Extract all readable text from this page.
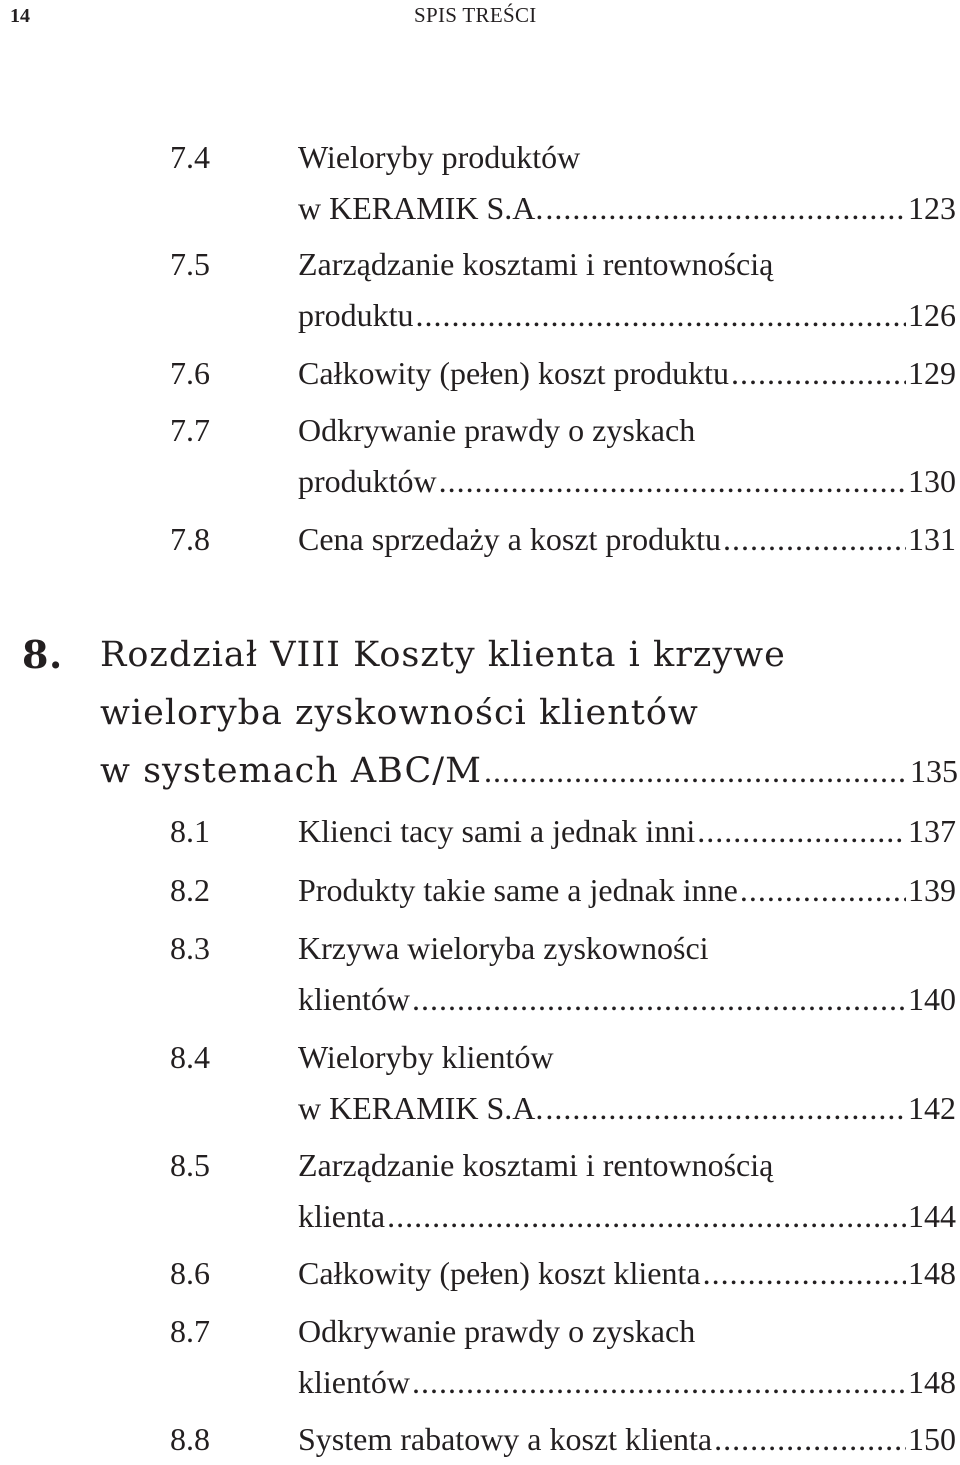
14	SPIS TREŚCI
7.4	Wieloryby produktów
w KERAMIK S.A. .....	123
7.5	Zarządzanie kosztami i rentownością
produktu .....	126
7.6	Całkowity (pełen) koszt produktu .....	129
7.7	Odkrywanie prawdy o zyskach
produktów .....	130
7.8	Cena sprzedaży a koszt produktu .....	131
8. Rozdział VIII Koszty klienta i krzywe
wieloryba zyskowności klientów
w systemach ABC/M .....	135
8.1	Klienci tacy sami a jednak inni .....	137
8.2	Produkty takie same a jednak inne .....	139
8.3	Krzywa wieloryba zyskowności
klientów .....	140
8.4	Wieloryby klientów
w KERAMIK S.A. .....	142
8.5	Zarządzanie kosztami i rentownością
klienta .....	144
8.6	Całkowity (pełen) koszt klienta .....	148
8.7	Odkrywanie prawdy o zyskach
klientów .....	148
8.8	System rabatowy a koszt klienta .....	150
